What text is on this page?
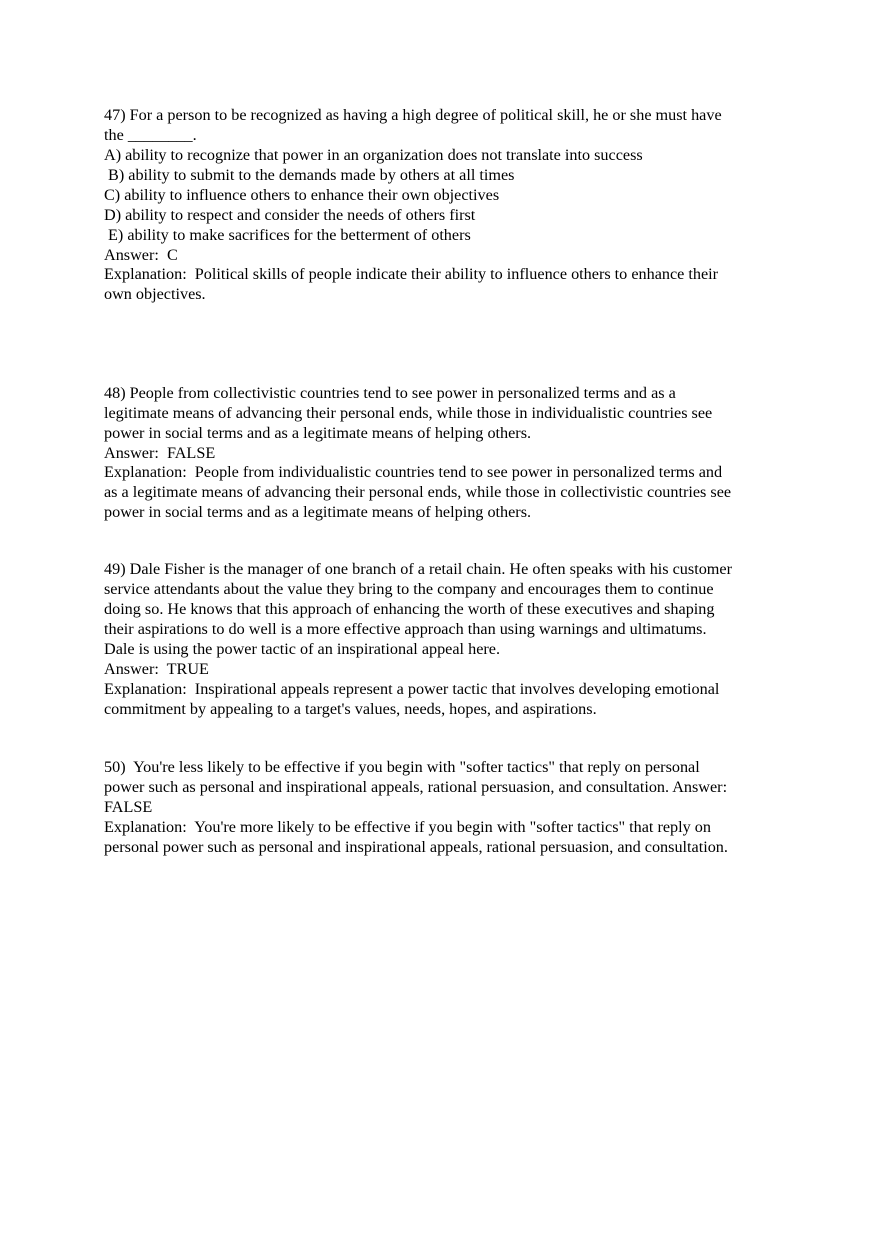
47) For a person to be recognized as having a high degree of political skill, he or she must have
the ________.
A) ability to recognize that power in an organization does not translate into success
B) ability to submit to the demands made by others at all times
C) ability to influence others to enhance their own objectives
D) ability to respect and consider the needs of others first
E) ability to make sacrifices for the betterment of others
Answer:  C
Explanation:  Political skills of people indicate their ability to influence others to enhance their
own objectives.
48) People from collectivistic countries tend to see power in personalized terms and as a
legitimate means of advancing their personal ends, while those in individualistic countries see
power in social terms and as a legitimate means of helping others.
Answer:  FALSE
Explanation:  People from individualistic countries tend to see power in personalized terms and
as a legitimate means of advancing their personal ends, while those in collectivistic countries see
power in social terms and as a legitimate means of helping others.
49) Dale Fisher is the manager of one branch of a retail chain. He often speaks with his customer
service attendants about the value they bring to the company and encourages them to continue
doing so. He knows that this approach of enhancing the worth of these executives and shaping
their aspirations to do well is a more effective approach than using warnings and ultimatums.
Dale is using the power tactic of an inspirational appeal here.
Answer:  TRUE
Explanation:  Inspirational appeals represent a power tactic that involves developing emotional
commitment by appealing to a target's values, needs, hopes, and aspirations.
50)  You're less likely to be effective if you begin with "softer tactics" that reply on personal
power such as personal and inspirational appeals, rational persuasion, and consultation. Answer:
FALSE
Explanation:  You're more likely to be effective if you begin with "softer tactics" that reply on
personal power such as personal and inspirational appeals, rational persuasion, and consultation.
